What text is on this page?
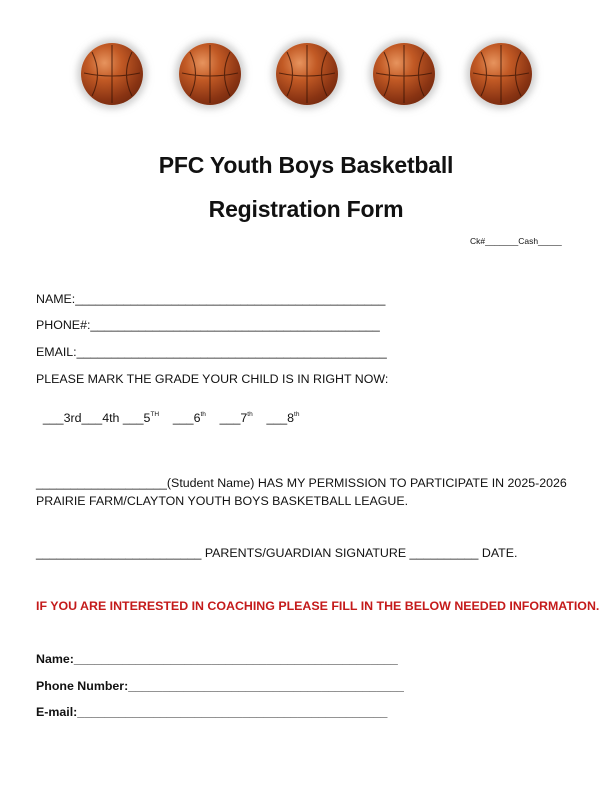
PFC Youth Boys Basketball
Registration Form
Ck#_______Cash_____
NAME:_____________________________________________
PHONE#:__________________________________________
EMAIL:_____________________________________________
PLEASE MARK THE GRADE YOUR CHILD IS IN RIGHT NOW:

___3rd___4th ___5TH    ___6th    ___7th    ___8th

___________________(Student Name) HAS MY PERMISSION TO PARTICIPATE IN 2025-2026
PRAIRIE FARM/CLAYTON YOUTH BOYS BASKETBALL LEAGUE.
________________________ PARENTS/GUARDIAN SIGNATURE __________ DATE.
IF YOU ARE INTERESTED IN COACHING PLEASE FILL IN THE BELOW NEEDED INFORMATION.
Name:_______________________________________________
Phone Number:________________________________________
E-mail:_____________________________________________
